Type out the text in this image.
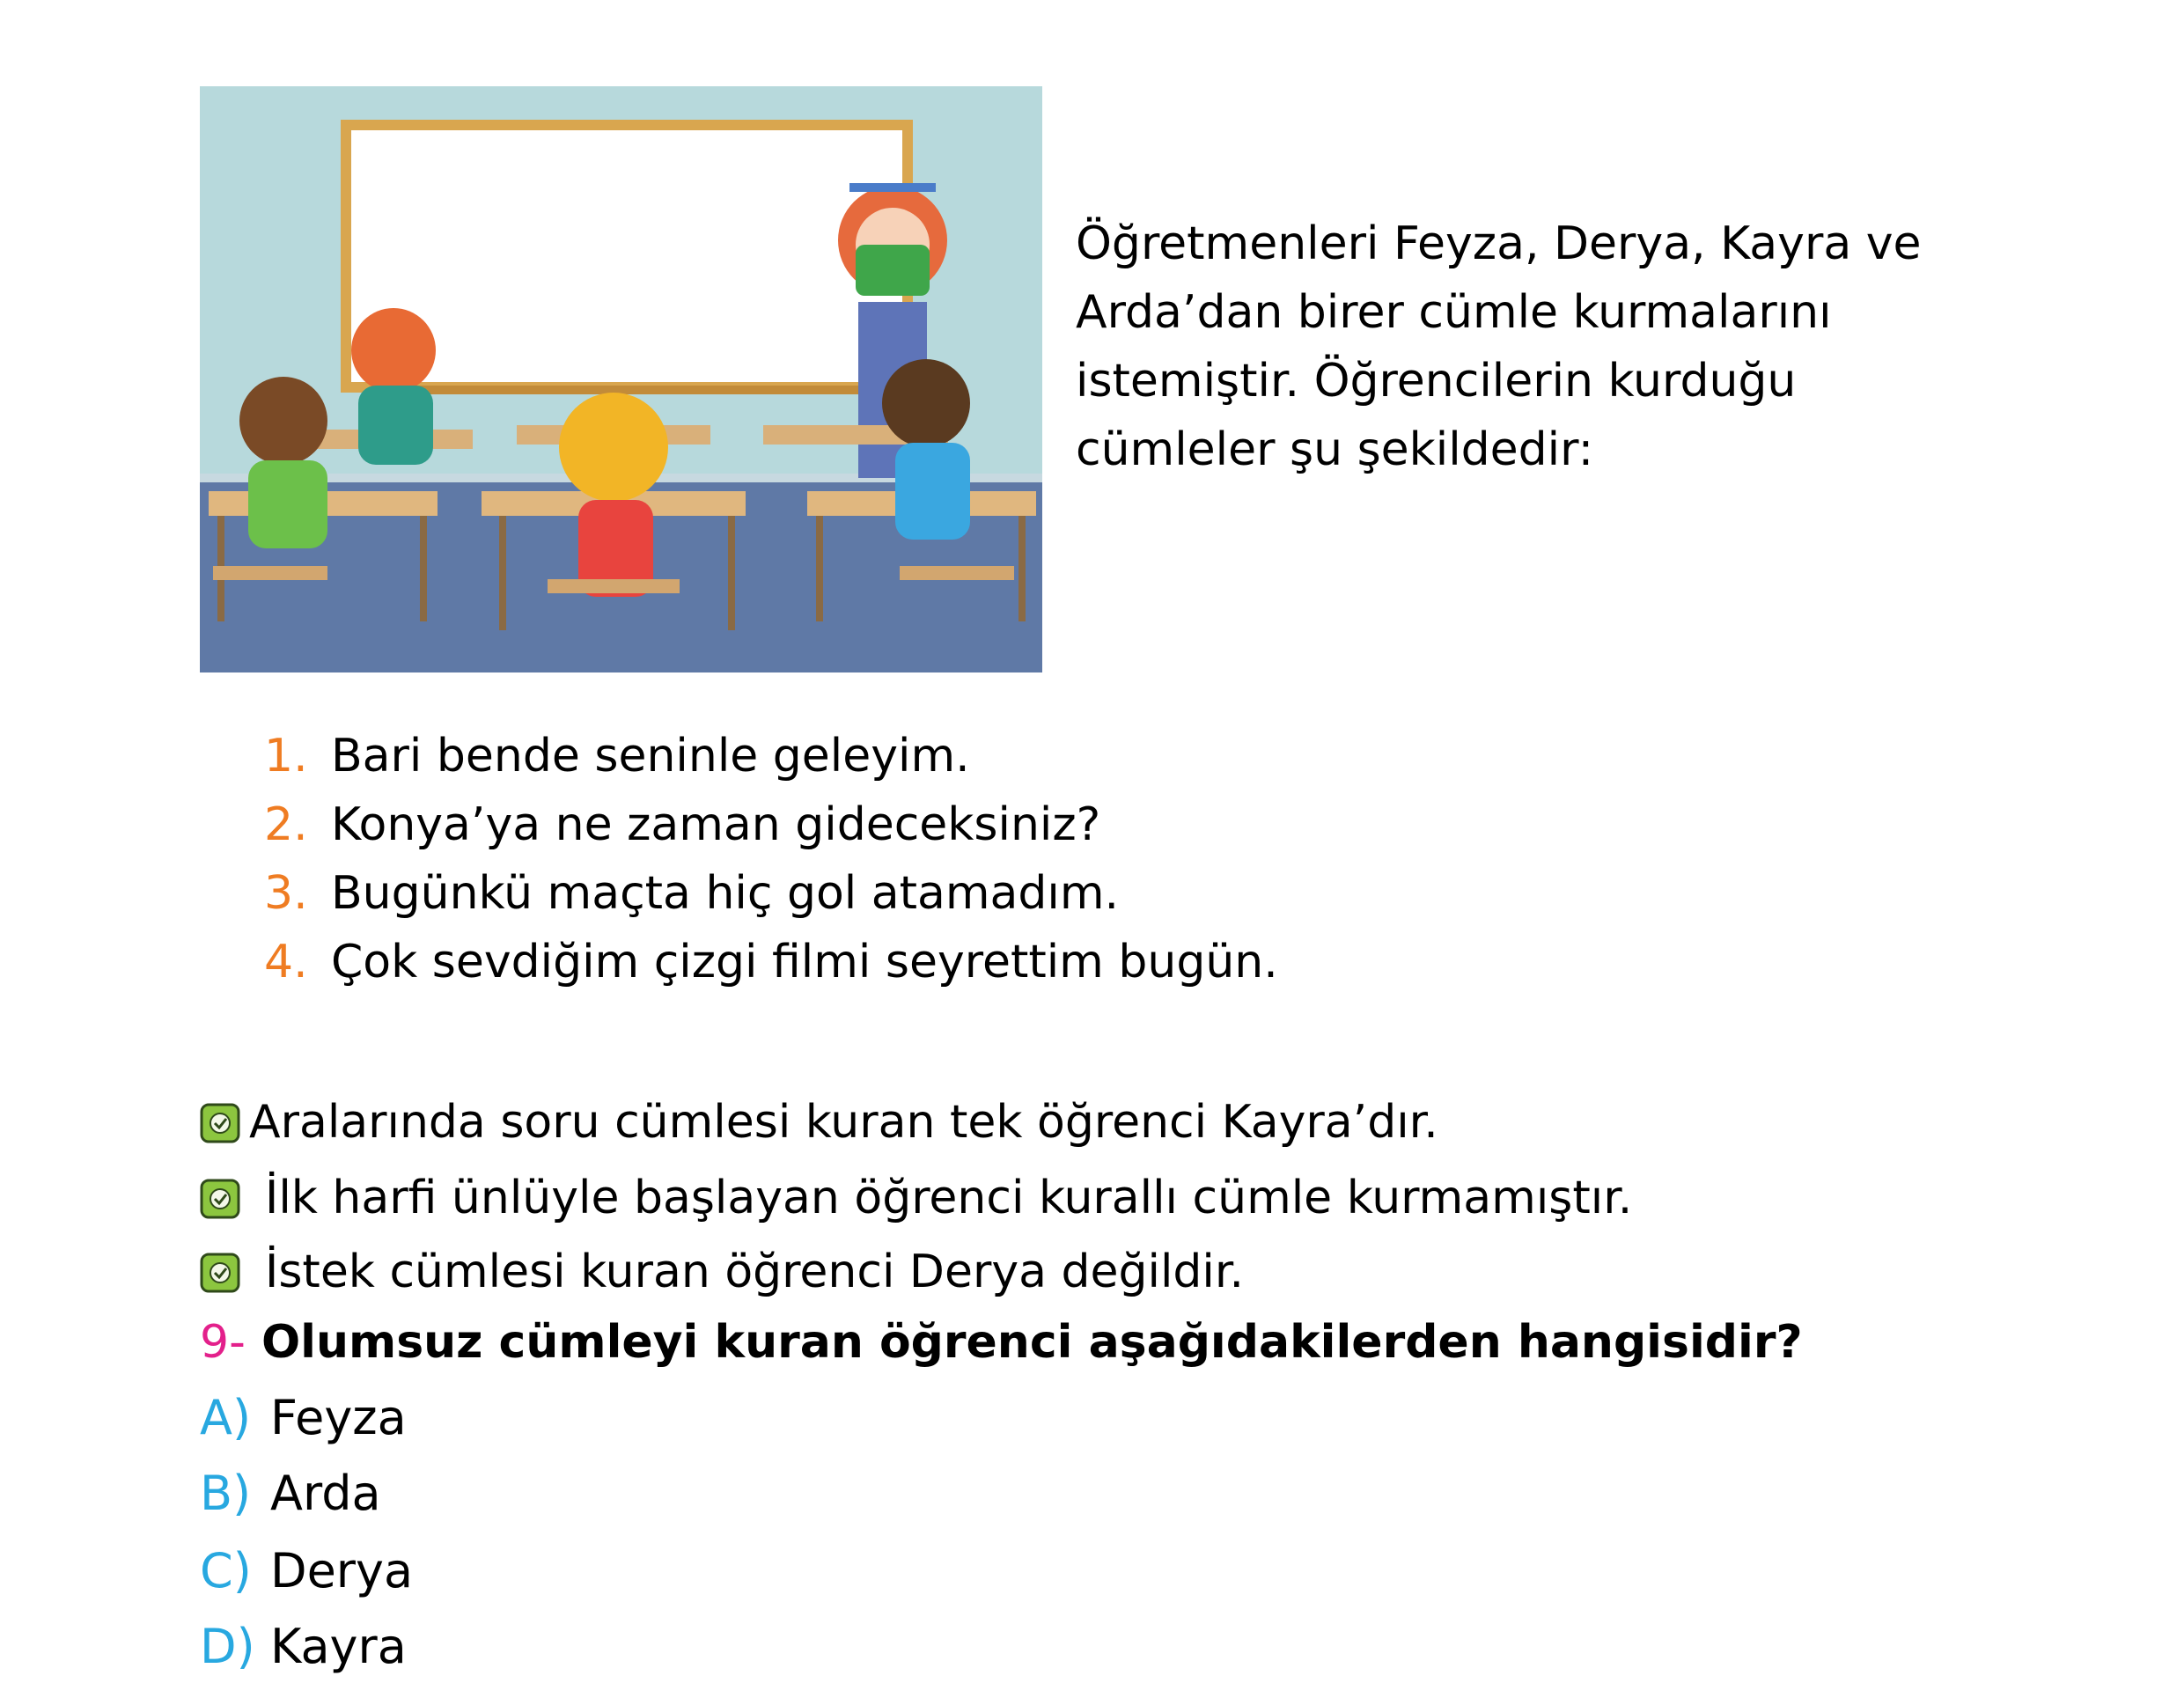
Öğretmenleri Feyza, Derya, Kayra ve Arda’dan birer cümle kurmalarını istemiştir. Öğrencilerin kurduğu cümleler şu şekildedir:

1. Bari bende seninle geleyim.
2. Konya’ya ne zaman gideceksiniz?
3. Bugünkü maçta hiç gol atamadım.
4. Çok sevdiğim çizgi filmi seyrettim bugün.
Aralarında soru cümlesi kuran tek öğrenci Kayra’dır.
İlk harfi ünlüyle başlayan öğrenci kurallı cümle kurmamıştır.
İstek cümlesi kuran öğrenci Derya değildir.
9- Olumsuz cümleyi kuran öğrenci aşağıdakilerden hangisidir?
A) Feyza
B) Arda
C) Derya
D) Kayra
